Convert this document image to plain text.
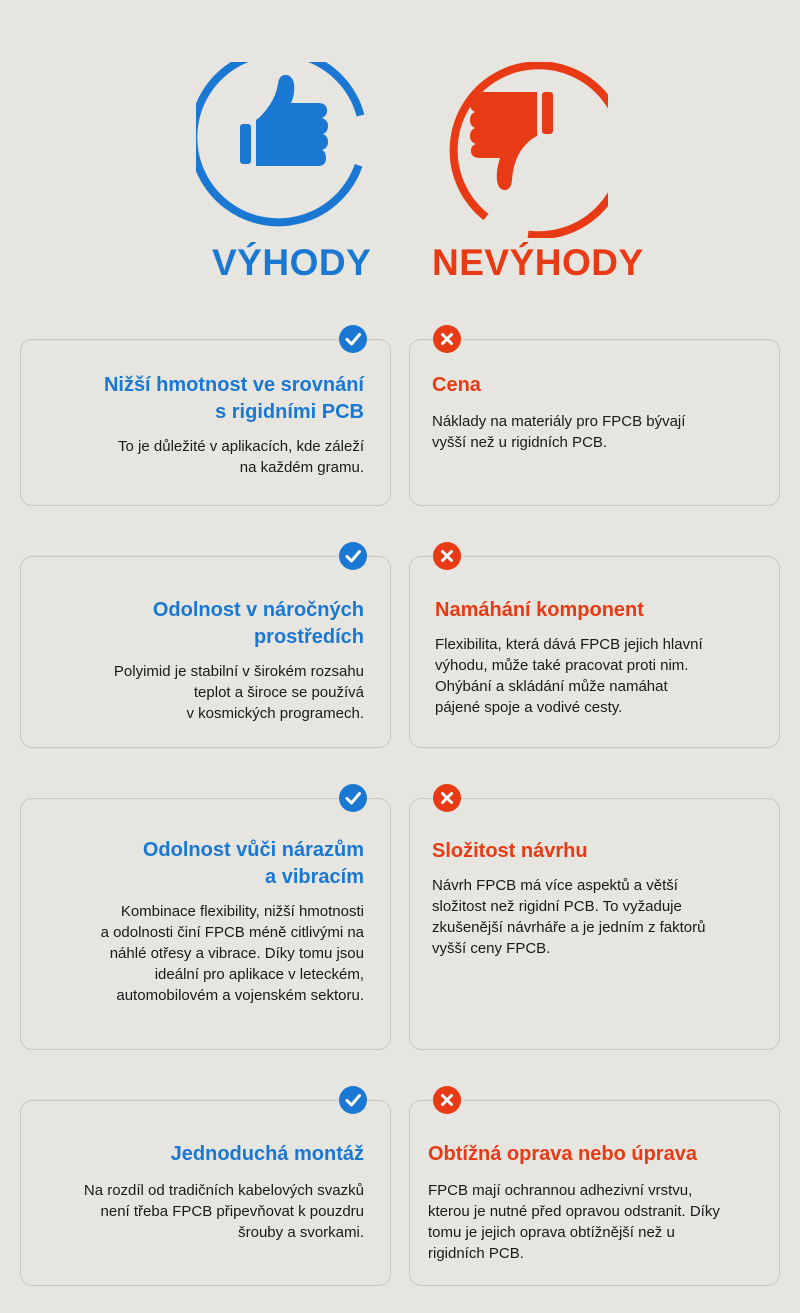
VÝHODY NEVÝHODY
Nižší hmotnost ve srovnání
s rigidními PCB

To je důležité v aplikacích, kde záleží
na každém gramu.

Cena

Náklady na materiály pro FPCB bývají
vyšší než u rigidních PCB.

Odolnost v náročných
prostředích

Polyimid je stabilní v širokém rozsahu
teplot a široce se používá
v kosmických programech.

Namáhání komponent

Flexibilita, která dává FPCB jejich hlavní
výhodu, může také pracovat proti nim.
Ohýbání a skládání může namáhat
pájené spoje a vodivé cesty.

Odolnost vůči nárazům
a vibracím

Kombinace flexibility, nižší hmotnosti
a odolnosti činí FPCB méně citlivými na
náhlé otřesy a vibrace. Díky tomu jsou
ideální pro aplikace v leteckém,
automobilovém a vojenském sektoru.

Složitost návrhu

Návrh FPCB má více aspektů a větší
složitost než rigidní PCB. To vyžaduje
zkušenější návrháře a je jedním z faktorů
vyšší ceny FPCB.

Jednoduchá montáž

Na rozdíl od tradičních kabelových svazků
není třeba FPCB připevňovat k pouzdru
šrouby a svorkami.

Obtížná oprava nebo úprava

FPCB mají ochrannou adhezivní vrstvu,
kterou je nutné před opravou odstranit. Díky
tomu je jejich oprava obtížnější než u
rigidních PCB.
